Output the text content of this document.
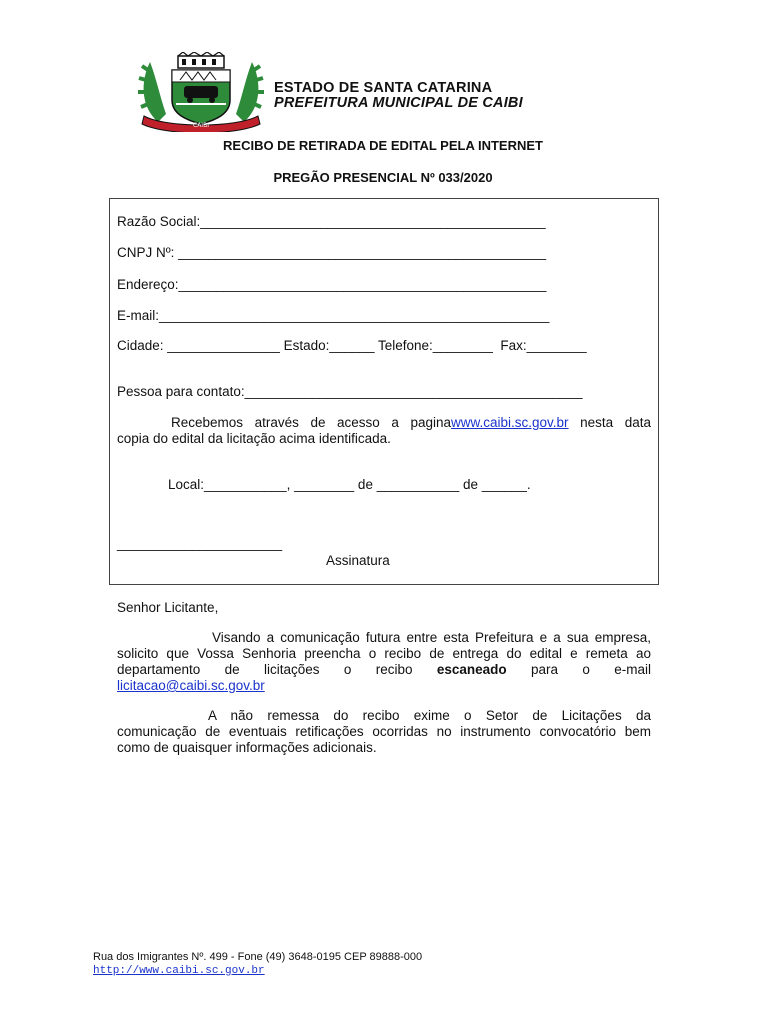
CAIBI
ESTADO DE SANTA CATARINA
PREFEITURA MUNICIPAL DE CAIBI
RECIBO DE RETIRADA DE EDITAL PELA INTERNET
PREGÃO PRESENCIAL Nº 033/2020
Razão Social:______________________________________________
CNPJ Nº: _________________________________________________
Endereço:_________________________________________________
E-mail:____________________________________________________
Cidade: _______________ Estado:______ Telefone:________  Fax:________
Pessoa para contato:_____________________________________________
Recebemos através de acesso a paginawww.caibi.sc.gov.br nesta data
copia do edital da licitação acima identificada.
Local:___________, ________ de ___________ de ______.
______________________
Assinatura
Senhor Licitante,
Visando a comunicação futura entre esta Prefeitura e a sua empresa,
solicito que Vossa Senhoria preencha o recibo de entrega do edital e remeta ao
departamento de licitações o recibo escaneado para o e-mail
licitacao@caibi.sc.gov.br
A não remessa do recibo exime o Setor de Licitações da
comunicação de eventuais retificações ocorridas no instrumento convocatório bem
como de quaisquer informações adicionais.
Rua dos Imigrantes Nº. 499 - Fone (49) 3648-0195 CEP 89888-000
http://www.caibi.sc.gov.br
